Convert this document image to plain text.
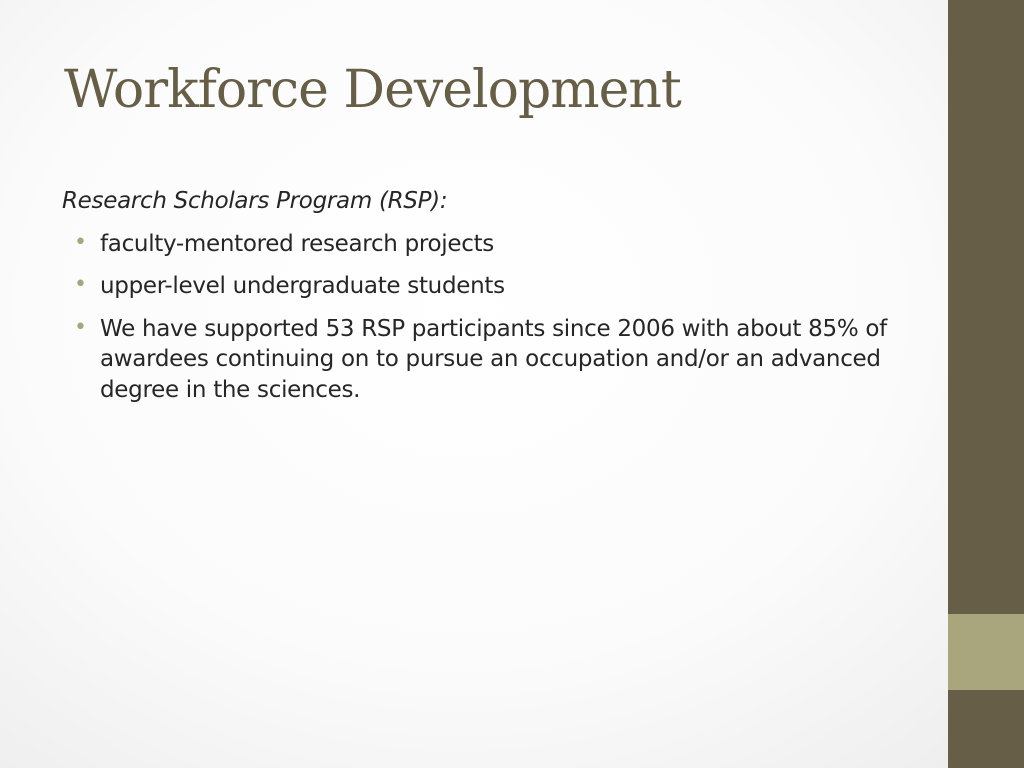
Workforce Development

Research Scholars Program (RSP):

• faculty-mentored research projects
• upper-level undergraduate students
• We have supported 53 RSP participants since 2006 with about 85% of awardees continuing on to pursue an occupation and/or an advanced degree in the sciences.
